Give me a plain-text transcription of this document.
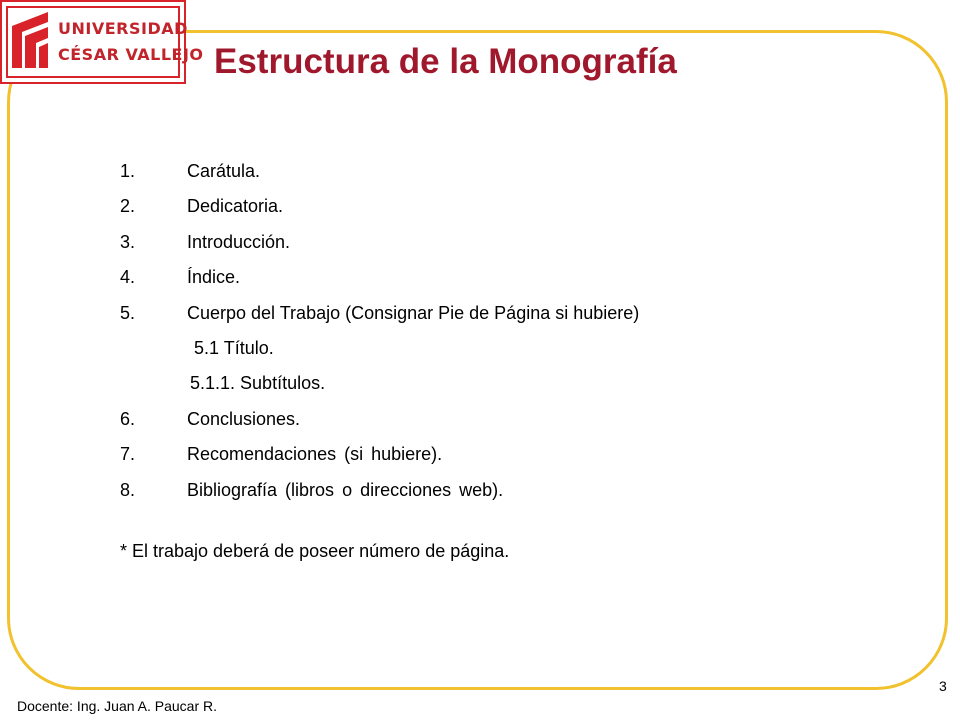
UNIVERSIDAD
CÉSAR VALLEJO Estructura de la Monografía
1.	Carátula.
2.	Dedicatoria.
3.	Introducción.
4.	Índice.
5.	Cuerpo del Trabajo (Consignar Pie de Página si hubiere)
5.1 Título.
5.1.1. Subtítulos.
6.	Conclusiones.
7.	Recomendaciones (si hubiere).
8.	Bibliografía (libros o direcciones web).

* El trabajo deberá de poseer número de página.

Docente: Ing. Juan A. Paucar R.
3
